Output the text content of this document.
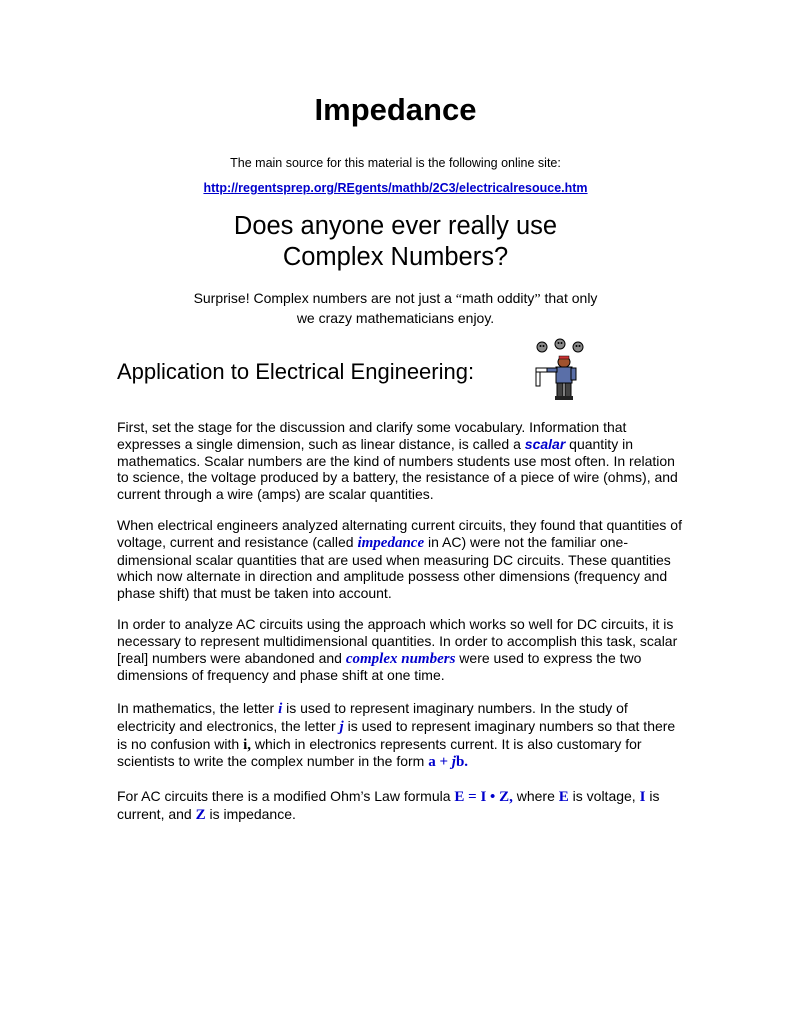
Impedance
The main source for this material is the following online site:
http://regentsprep.org/REgents/mathb/2C3/electricalresouce.htm
Does anyone ever really use
Complex Numbers?
Surprise! Complex numbers are not just a “math oddity” that only
we crazy mathematicians enjoy.
Application to Electrical Engineering:

First, set the stage for the discussion and clarify some vocabulary. Information that expresses a single dimension, such as linear distance, is called a scalar quantity in mathematics. Scalar numbers are the kind of numbers students use most often. In relation to science, the voltage produced by a battery, the resistance of a piece of wire (ohms), and current through a wire (amps) are scalar quantities.

When electrical engineers analyzed alternating current circuits, they found that quantities of voltage, current and resistance (called impedance in AC) were not the familiar one-dimensional scalar quantities that are used when measuring DC circuits. These quantities which now alternate in direction and amplitude possess other dimensions (frequency and phase shift) that must be taken into account.

In order to analyze AC circuits using the approach which works so well for DC circuits, it is necessary to represent multidimensional quantities. In order to accomplish this task, scalar [real] numbers were abandoned and complex numbers were used to express the two dimensions of frequency and phase shift at one time.

In mathematics, the letter i is used to represent imaginary numbers. In the study of electricity and electronics, the letter j is used to represent imaginary numbers so that there is no confusion with i, which in electronics represents current. It is also customary for scientists to write the complex number in the form a + jb.

For AC circuits there is a modified Ohm’s Law formula E = I • Z, where E is voltage, I is current, and Z is impedance.
